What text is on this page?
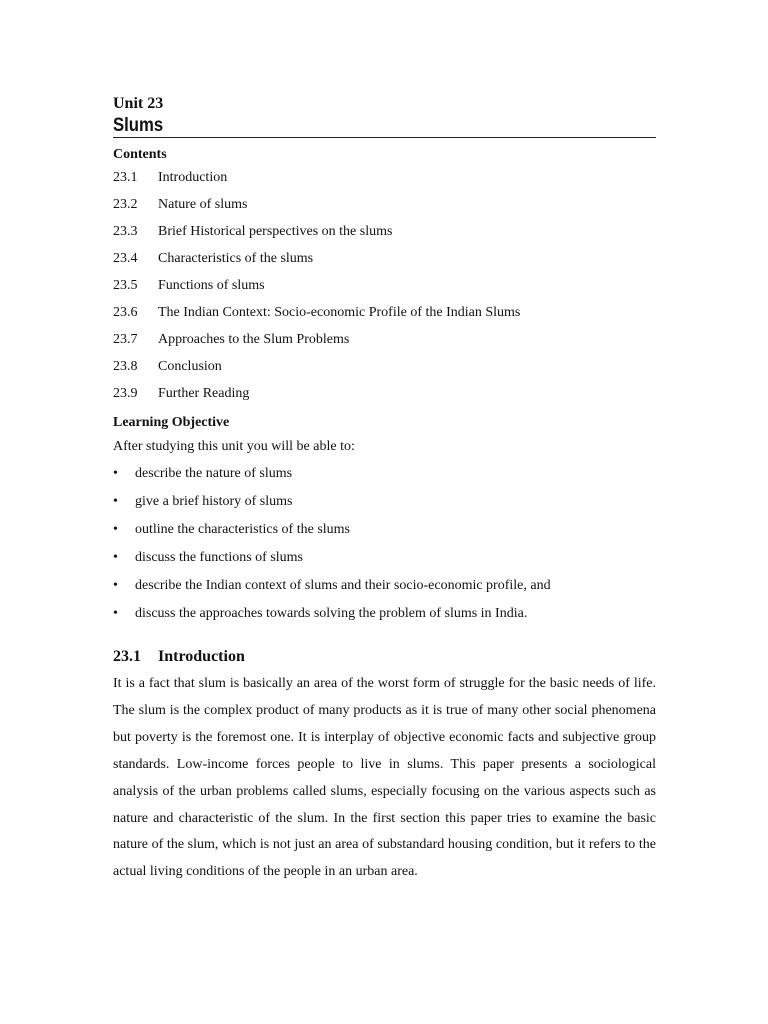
Unit 23

Slums

Contents

23.1	Introduction
23.2	Nature of slums
23.3	Brief Historical perspectives on the slums
23.4	Characteristics of the slums
23.5	Functions of slums
23.6	The Indian Context: Socio-economic Profile of the Indian Slums
23.7	Approaches to the Slum Problems
23.8	Conclusion
23.9	Further Reading

Learning Objective

After studying this unit you will be able to:

•	describe the nature of slums
•	give a brief history of slums
•	outline the characteristics of the slums
•	discuss the functions of slums
•	describe the Indian context of slums and their socio-economic profile, and
•	discuss the approaches towards solving the problem of slums in India.
23.1	Introduction

It is a fact that slum is basically an area of the worst form of struggle for the basic needs of life. The slum is the complex product of many products as it is true of many other social phenomena but poverty is the foremost one. It is interplay of objective economic facts and subjective group standards. Low-income forces people to live in slums. This paper presents a sociological analysis of the urban problems called slums, especially focusing on the various aspects such as nature and characteristic of the slum. In the first section this paper tries to examine the basic nature of the slum, which is not just an area of substandard housing condition, but it refers to the actual living conditions of the people in an urban area.
